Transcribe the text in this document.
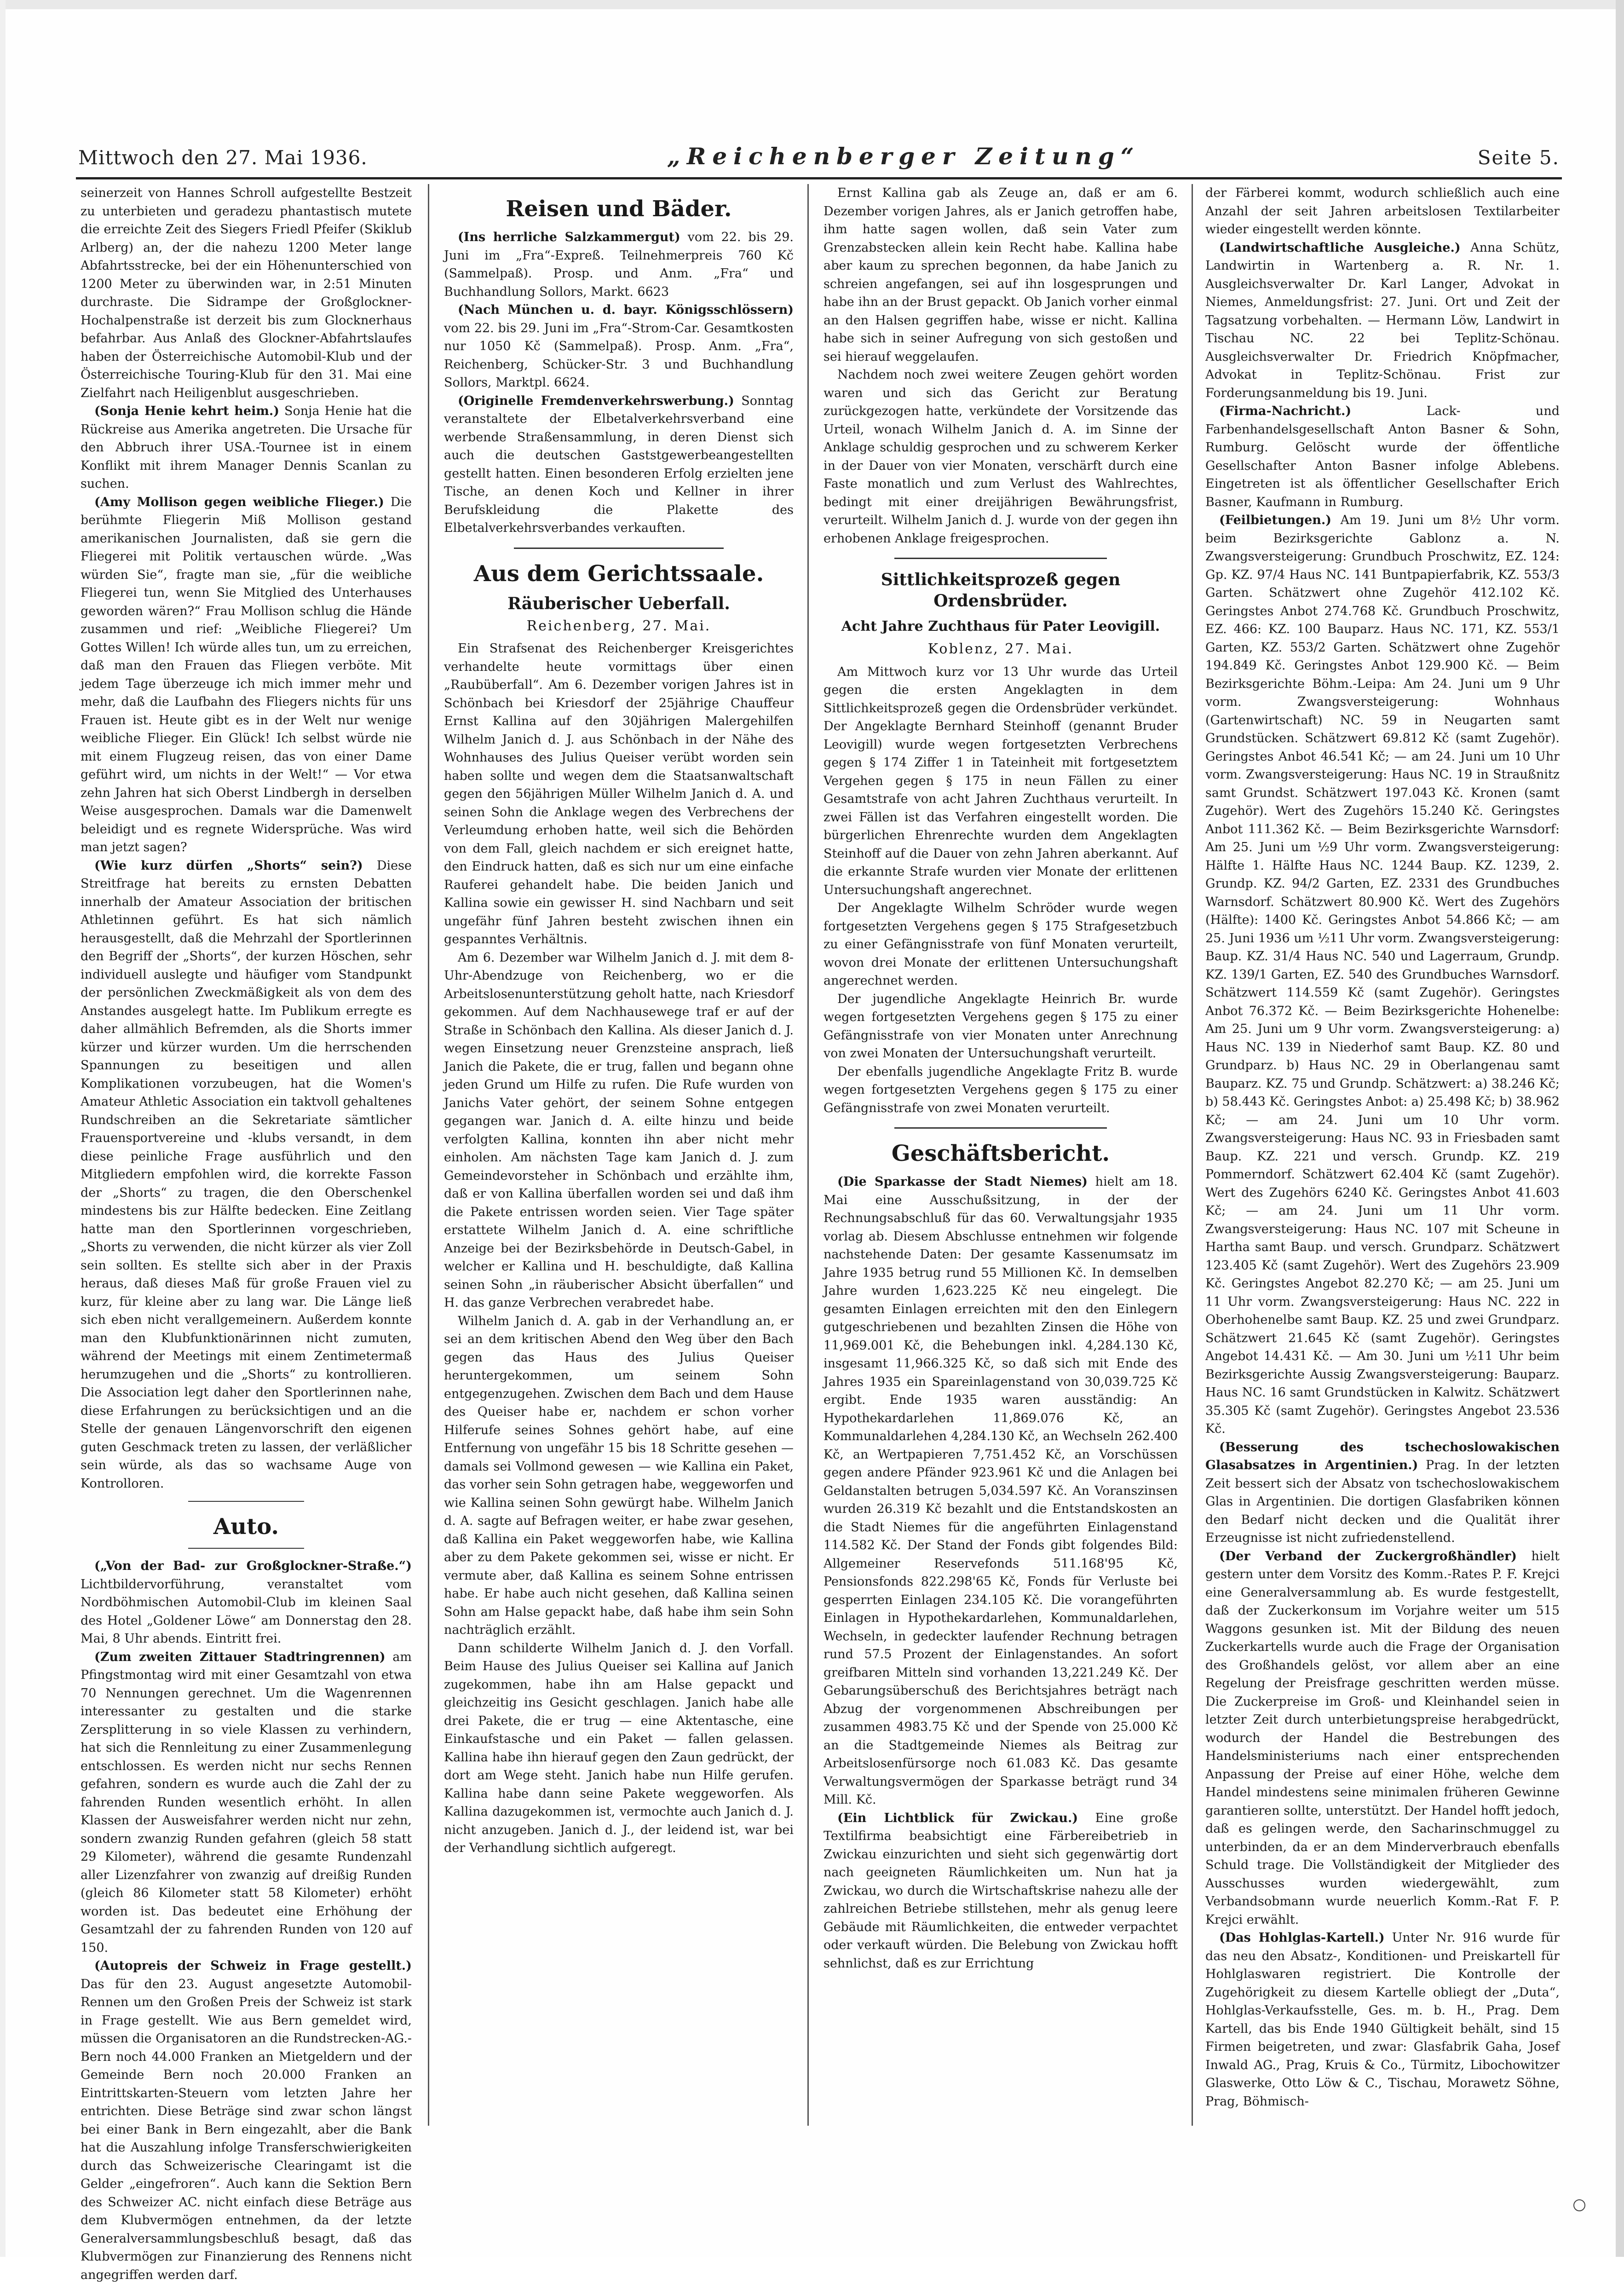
Mittwoch den 27. Mai 1936.	„Reichenberger Zeitung“	Seite 5.

seinerzeit von Hannes Schroll aufgestellte Bestzeit zu unterbieten und geradezu phantastisch mutete die erreichte Zeit des Siegers Friedl Pfeifer (Skiklub Arlberg) an, der die nahezu 1200 Meter lange Abfahrtsstrecke, bei der ein Höhenunterschied von 1200 Meter zu überwinden war, in 2:51 Minuten durchraste. Die Sidrampe der Großglockner-Hochalpenstraße ist derzeit bis zum Glocknerhaus befahrbar. Aus Anlaß des Glockner-Abfahrtslaufes haben der Österreichische Automobil-Klub und der Österreichische Touring-Klub für den 31. Mai eine Zielfahrt nach Heiligenblut ausgeschrieben.

(Sonja Henie kehrt heim.) Sonja Henie hat die Rückreise aus Amerika angetreten. Die Ursache für den Abbruch ihrer USA.-Tournee ist in einem Konflikt mit ihrem Manager Dennis Scanlan zu suchen.

(Amy Mollison gegen weibliche Flieger.) Die berühmte Fliegerin Miß Mollison gestand amerikanischen Journalisten, daß sie gern die Fliegerei mit Politik vertauschen würde. „Was würden Sie“, fragte man sie, „für die weibliche Fliegerei tun, wenn Sie Mitglied des Unterhauses geworden wären?“ Frau Mollison schlug die Hände zusammen und rief: „Weibliche Fliegerei? Um Gottes Willen! Ich würde alles tun, um zu erreichen, daß man den Frauen das Fliegen verböte. Mit jedem Tage überzeuge ich mich immer mehr und mehr, daß die Laufbahn des Fliegers nichts für uns Frauen ist. Heute gibt es in der Welt nur wenige weibliche Flieger. Ein Glück! Ich selbst würde nie mit einem Flugzeug reisen, das von einer Dame geführt wird, um nichts in der Welt!“ — Vor etwa zehn Jahren hat sich Oberst Lindbergh in derselben Weise ausgesprochen. Damals war die Damenwelt beleidigt und es regnete Widersprüche. Was wird man jetzt sagen?

(Wie kurz dürfen „Shorts“ sein?) Diese Streitfrage hat bereits zu ernsten Debatten innerhalb der Amateur Association der britischen Athletinnen geführt. Es hat sich nämlich herausgestellt, daß die Mehrzahl der Sportlerinnen den Begriff der „Shorts“, der kurzen Höschen, sehr individuell auslegte und häufiger vom Standpunkt der persönlichen Zweckmäßigkeit als von dem des Anstandes ausgelegt hatte. Im Publikum erregte es daher allmählich Befremden, als die Shorts immer kürzer und kürzer wurden. Um die herrschenden Spannungen zu beseitigen und allen Komplikationen vorzubeugen, hat die Women's Amateur Athletic Association ein taktvoll gehaltenes Rundschreiben an die Sekretariate sämtlicher Frauensportvereine und -klubs versandt, in dem diese peinliche Frage ausführlich und den Mitgliedern empfohlen wird, die korrekte Fasson der „Shorts“ zu tragen, die den Oberschenkel mindestens bis zur Hälfte bedecken. Eine Zeitlang hatte man den Sportlerinnen vorgeschrieben, „Shorts zu verwenden, die nicht kürzer als vier Zoll sein sollten. Es stellte sich aber in der Praxis heraus, daß dieses Maß für große Frauen viel zu kurz, für kleine aber zu lang war. Die Länge ließ sich eben nicht verallgemeinern. Außerdem konnte man den Klubfunktionärinnen nicht zumuten, während der Meetings mit einem Zentimetermaß herumzugehen und die „Shorts“ zu kontrollieren. Die Association legt daher den Sportlerinnen nahe, diese Erfahrungen zu berücksichtigen und an die Stelle der genauen Längenvorschrift den eigenen guten Geschmack treten zu lassen, der verläßlicher sein würde, als das so wachsame Auge von Kontrolloren.

Auto.

(„Von der Bad- zur Großglockner-Straße.“) Lichtbildervorführung, veranstaltet vom Nordböhmischen Automobil-Club im kleinen Saal des Hotel „Goldener Löwe“ am Donnerstag den 28. Mai, 8 Uhr abends. Eintritt frei.

(Zum zweiten Zittauer Stadtringrennen) am Pfingstmontag wird mit einer Gesamtzahl von etwa 70 Nennungen gerechnet. Um die Wagenrennen interessanter zu gestalten und die starke Zersplitterung in so viele Klassen zu verhindern, hat sich die Rennleitung zu einer Zusammenlegung entschlossen. Es werden nicht nur sechs Rennen gefahren, sondern es wurde auch die Zahl der zu fahrenden Runden wesentlich erhöht. In allen Klassen der Ausweisfahrer werden nicht nur zehn, sondern zwanzig Runden gefahren (gleich 58 statt 29 Kilometer), während die gesamte Rundenzahl aller Lizenzfahrer von zwanzig auf dreißig Runden (gleich 86 Kilometer statt 58 Kilometer) erhöht worden ist. Das bedeutet eine Erhöhung der Gesamtzahl der zu fahrenden Runden von 120 auf 150.

(Autopreis der Schweiz in Frage gestellt.) Das für den 23. August angesetzte Automobil-Rennen um den Großen Preis der Schweiz ist stark in Frage gestellt. Wie aus Bern gemeldet wird, müssen die Organisatoren an die Rundstrecken-AG.-Bern noch 44.000 Franken an Mietgeldern und der Gemeinde Bern noch 20.000 Franken an Eintrittskarten-Steuern vom letzten Jahre her entrichten. Diese Beträge sind zwar schon längst bei einer Bank in Bern eingezahlt, aber die Bank hat die Auszahlung infolge Transferschwierigkeiten durch das Schweizerische Clearingamt ist die Gelder „eingefroren“. Auch kann die Sektion Bern des Schweizer AC. nicht einfach diese Beträge aus dem Klubvermögen entnehmen, da der letzte Generalversammlungsbeschluß besagt, daß das Klubvermögen zur Finanzierung des Rennens nicht angegriffen werden darf.

Reisen und Bäder.

(Ins herrliche Salzkammergut) vom 22. bis 29. Juni im „Fra“-Expreß. Teilnehmerpreis 760 Kč (Sammelpaß). Prosp. und Anm. „Fra“ und Buchhandlung Sollors, Markt. 6623

(Nach München u. d. bayr. Königsschlössern) vom 22. bis 29. Juni im „Fra“-Strom-Car. Gesamtkosten nur 1050 Kč (Sammelpaß). Prosp. Anm. „Fra“, Reichenberg, Schücker-Str. 3 und Buchhandlung Sollors, Marktpl. 6624.

(Originelle Fremdenverkehrswerbung.) Sonntag veranstaltete der Elbetalverkehrsverband eine werbende Straßensammlung, in deren Dienst sich auch die deutschen Gaststgewerbeangestellten gestellt hatten. Einen besonderen Erfolg erzielten jene Tische, an denen Koch und Kellner in ihrer Berufskleidung die Plakette des Elbetalverkehrsverbandes verkauften.

Aus dem Gerichtssaale.
Räuberischer Ueberfall.
Reichenberg, 27. Mai.

Ein Strafsenat des Reichenberger Kreisgerichtes verhandelte heute vormittags über einen „Raubüberfall“. Am 6. Dezember vorigen Jahres ist in Schönbach bei Kriesdorf der 25jährige Chauffeur Ernst Kallina auf den 30jährigen Malergehilfen Wilhelm Janich d. J. aus Schönbach in der Nähe des Wohnhauses des Julius Queiser verübt worden sein haben sollte und wegen dem die Staatsanwaltschaft gegen den 56jährigen Müller Wilhelm Janich d. A. und seinen Sohn die Anklage wegen des Verbrechens der Verleumdung erhoben hatte, weil sich die Behörden von dem Fall, gleich nachdem er sich ereignet hatte, den Eindruck hatten, daß es sich nur um eine einfache Rauferei gehandelt habe. Die beiden Janich und Kallina sowie ein gewisser H. sind Nachbarn und seit ungefähr fünf Jahren besteht zwischen ihnen ein gespanntes Verhältnis.

Am 6. Dezember war Wilhelm Janich d. J. mit dem 8-Uhr-Abendzuge von Reichenberg, wo er die Arbeitslosenunterstützung geholt hatte, nach Kriesdorf gekommen. Auf dem Nachhausewege traf er auf der Straße in Schönbach den Kallina. Als dieser Janich d. J. wegen Einsetzung neuer Grenzsteine ansprach, ließ Janich die Pakete, die er trug, fallen und begann ohne jeden Grund um Hilfe zu rufen. Die Rufe wurden von Janichs Vater gehört, der seinem Sohne entgegen gegangen war. Janich d. A. eilte hinzu und beide verfolgten Kallina, konnten ihn aber nicht mehr einholen. Am nächsten Tage kam Janich d. J. zum Gemeindevorsteher in Schönbach und erzählte ihm, daß er von Kallina überfallen worden sei und daß ihm die Pakete entrissen worden seien. Vier Tage später erstattete Wilhelm Janich d. A. eine schriftliche Anzeige bei der Bezirksbehörde in Deutsch-Gabel, in welcher er Kallina und H. beschuldigte, daß Kallina seinen Sohn „in räuberischer Absicht überfallen“ und H. das ganze Verbrechen verabredet habe.

Wilhelm Janich d. A. gab in der Verhandlung an, er sei an dem kritischen Abend den Weg über den Bach gegen das Haus des Julius Queiser heruntergekommen, um seinem Sohn entgegenzugehen. Zwischen dem Bach und dem Hause des Queiser habe er, nachdem er schon vorher Hilferufe seines Sohnes gehört habe, auf eine Entfernung von ungefähr 15 bis 18 Schritte gesehen — damals sei Vollmond gewesen — wie Kallina ein Paket, das vorher sein Sohn getragen habe, weggeworfen und wie Kallina seinen Sohn gewürgt habe. Wilhelm Janich d. A. sagte auf Befragen weiter, er habe zwar gesehen, daß Kallina ein Paket weggeworfen habe, wie Kallina aber zu dem Pakete gekommen sei, wisse er nicht. Er vermute aber, daß Kallina es seinem Sohne entrissen habe. Er habe auch nicht gesehen, daß Kallina seinen Sohn am Halse gepackt habe, daß habe ihm sein Sohn nachträglich erzählt.

Dann schilderte Wilhelm Janich d. J. den Vorfall. Beim Hause des Julius Queiser sei Kallina auf Janich zugekommen, habe ihn am Halse gepackt und gleichzeitig ins Gesicht geschlagen. Janich habe alle drei Pakete, die er trug — eine Aktentasche, eine Einkaufstasche und ein Paket — fallen gelassen. Kallina habe ihn hierauf gegen den Zaun gedrückt, der dort am Wege steht. Janich habe nun Hilfe gerufen. Kallina habe dann seine Pakete weggeworfen. Als Kallina dazugekommen ist, vermochte auch Janich d. J. nicht anzugeben. Janich d. J., der leidend ist, war bei der Verhandlung sichtlich aufgeregt.

Ernst Kallina gab als Zeuge an, daß er am 6. Dezember vorigen Jahres, als er Janich getroffen habe, ihm hatte sagen wollen, daß sein Vater zum Grenzabstecken allein kein Recht habe. Kallina habe aber kaum zu sprechen begonnen, da habe Janich zu schreien angefangen, sei auf ihn losgesprungen und habe ihn an der Brust gepackt. Ob Janich vorher einmal an den Halsen gegriffen habe, wisse er nicht. Kallina habe sich in seiner Aufregung von sich gestoßen und sei hierauf weggelaufen.

Nachdem noch zwei weitere Zeugen gehört worden waren und sich das Gericht zur Beratung zurückgezogen hatte, verkündete der Vorsitzende das Urteil, wonach Wilhelm Janich d. A. im Sinne der Anklage schuldig gesprochen und zu schwerem Kerker in der Dauer von vier Monaten, verschärft durch eine Faste monatlich und zum Verlust des Wahlrechtes, bedingt mit einer dreijährigen Bewährungsfrist, verurteilt. Wilhelm Janich d. J. wurde von der gegen ihn erhobenen Anklage freigesprochen.

Sittlichkeitsprozeß gegen Ordensbrüder.
Acht Jahre Zuchthaus für Pater Leovigill.
Koblenz, 27. Mai.

Am Mittwoch kurz vor 13 Uhr wurde das Urteil gegen die ersten Angeklagten in dem Sittlichkeitsprozeß gegen die Ordensbrüder verkündet. Der Angeklagte Bernhard Steinhoff (genannt Bruder Leovigill) wurde wegen fortgesetzten Verbrechens gegen § 174 Ziffer 1 in Tateinheit mit fortgesetztem Vergehen gegen § 175 in neun Fällen zu einer Gesamtstrafe von acht Jahren Zuchthaus verurteilt. In zwei Fällen ist das Verfahren eingestellt worden. Die bürgerlichen Ehrenrechte wurden dem Angeklagten Steinhoff auf die Dauer von zehn Jahren aberkannt. Auf die erkannte Strafe wurden vier Monate der erlittenen Untersuchungshaft angerechnet.

Der Angeklagte Wilhelm Schröder wurde wegen fortgesetzten Vergehens gegen § 175 Strafgesetzbuch zu einer Gefängnisstrafe von fünf Monaten verurteilt, wovon drei Monate der erlittenen Untersuchungshaft angerechnet werden.

Der jugendliche Angeklagte Heinrich Br. wurde wegen fortgesetzten Vergehens gegen § 175 zu einer Gefängnisstrafe von vier Monaten unter Anrechnung von zwei Monaten der Untersuchungshaft verurteilt.

Der ebenfalls jugendliche Angeklagte Fritz B. wurde wegen fortgesetzten Vergehens gegen § 175 zu einer Gefängnisstrafe von zwei Monaten verurteilt.

Geschäftsbericht.

(Die Sparkasse der Stadt Niemes) hielt am 18. Mai eine Ausschußsitzung, in der der Rechnungsabschluß für das 60. Verwaltungsjahr 1935 vorlag ab. Diesem Abschlusse entnehmen wir folgende nachstehende Daten: Der gesamte Kassenumsatz im Jahre 1935 betrug rund 55 Millionen Kč. In demselben Jahre wurden 1,623.225 Kč neu eingelegt. Die gesamten Einlagen erreichten mit den den Einlegern gutgeschriebenen und bezahlten Zinsen die Höhe von 11,969.001 Kč, die Behebungen inkl. 4,284.130 Kč, insgesamt 11,966.325 Kč, so daß sich mit Ende des Jahres 1935 ein Spareinlagenstand von 30,039.725 Kč ergibt. Ende 1935 waren ausständig: An Hypothekardarlehen 11,869.076 Kč, an Kommunaldarlehen 4,284.130 Kč, an Wechseln 262.400 Kč, an Wertpapieren 7,751.452 Kč, an Vorschüssen gegen andere Pfänder 923.961 Kč und die Anlagen bei Geldanstalten betrugen 5,034.597 Kč. An Voranszinsen wurden 26.319 Kč bezahlt und die Entstandskosten an die Stadt Niemes für die angeführten Einlagenstand 114.582 Kč. Der Stand der Fonds gibt folgendes Bild: Allgemeiner Reservefonds 511.168'95 Kč, Pensionsfonds 822.298'65 Kč, Fonds für Verluste bei gesperrten Einlagen 234.105 Kč. Die vorangeführten Einlagen in Hypothekardarlehen, Kommunaldarlehen, Wechseln, in gedeckter laufender Rechnung betragen rund 57.5 Prozent der Einlagenstandes. An sofort greifbaren Mitteln sind vorhanden 13,221.249 Kč. Der Gebarungsüberschuß des Berichtsjahres beträgt nach Abzug der vorgenommenen Abschreibungen per zusammen 4983.75 Kč und der Spende von 25.000 Kč an die Stadtgemeinde Niemes als Beitrag zur Arbeitslosenfürsorge noch 61.083 Kč. Das gesamte Verwaltungsvermögen der Sparkasse beträgt rund 34 Mill. Kč.

(Ein Lichtblick für Zwickau.) Eine große Textilfirma beabsichtigt eine Färbereibetrieb in Zwickau einzurichten und sieht sich gegenwärtig dort nach geeigneten Räumlichkeiten um. Nun hat ja Zwickau, wo durch die Wirtschaftskrise nahezu alle der zahlreichen Betriebe stillstehen, mehr als genug leere Gebäude mit Räumlichkeiten, die entweder verpachtet oder verkauft würden. Die Belebung von Zwickau hofft sehnlichst, daß es zur Errichtung

der Färberei kommt, wodurch schließlich auch eine Anzahl der seit Jahren arbeitslosen Textilarbeiter wieder eingestellt werden könnte.

(Landwirtschaftliche Ausgleiche.) Anna Schütz, Landwirtin in Wartenberg a. R. Nr. 1. Ausgleichsverwalter Dr. Karl Langer, Advokat in Niemes, Anmeldungsfrist: 27. Juni. Ort und Zeit der Tagsatzung vorbehalten. — Hermann Löw, Landwirt in Tischau NC. 22 bei Teplitz-Schönau. Ausgleichsverwalter Dr. Friedrich Knöpfmacher, Advokat in Teplitz-Schönau. Frist zur Forderungsanmeldung bis 19. Juni.

(Firma-Nachricht.) Lack- und Farbenhandelsgesellschaft Anton Basner & Sohn, Rumburg. Gelöscht wurde der öffentliche Gesellschafter Anton Basner infolge Ablebens. Eingetreten ist als öffentlicher Gesellschafter Erich Basner, Kaufmann in Rumburg.

(Feilbietungen.) Am 19. Juni um 8½ Uhr vorm. beim Bezirksgerichte Gablonz a. N. Zwangsversteigerung: Grundbuch Proschwitz, EZ. 124: Gp. KZ. 97/4 Haus NC. 141 Buntpapierfabrik, KZ. 553/3 Garten. Schätzwert ohne Zugehör 412.102 Kč. Geringstes Anbot 274.768 Kč. Grundbuch Proschwitz, EZ. 466: KZ. 100 Bauparz. Haus NC. 171, KZ. 553/1 Garten, KZ. 553/2 Garten. Schätzwert ohne Zugehör 194.849 Kč. Geringstes Anbot 129.900 Kč. — Beim Bezirksgerichte Böhm.-Leipa: Am 24. Juni um 9 Uhr vorm. Zwangsversteigerung: Wohnhaus (Gartenwirtschaft) NC. 59 in Neugarten samt Grundstücken. Schätzwert 69.812 Kč (samt Zugehör). Geringstes Anbot 46.541 Kč; — am 24. Juni um 10 Uhr vorm. Zwangsversteigerung: Haus NC. 19 in Straußnitz samt Grundst. Schätzwert 197.043 Kč. Kronen (samt Zugehör). Wert des Zugehörs 15.240 Kč. Geringstes Anbot 111.362 Kč. — Beim Bezirksgerichte Warnsdorf: Am 25. Juni um ½9 Uhr vorm. Zwangsversteigerung: Hälfte 1. Hälfte Haus NC. 1244 Baup. KZ. 1239, 2. Grundp. KZ. 94/2 Garten, EZ. 2331 des Grundbuches Warnsdorf. Schätzwert 80.900 Kč. Wert des Zugehörs (Hälfte): 1400 Kč. Geringstes Anbot 54.866 Kč; — am 25. Juni 1936 um ½11 Uhr vorm. Zwangsversteigerung: Baup. KZ. 31/4 Haus NC. 540 und Lagerraum, Grundp. KZ. 139/1 Garten, EZ. 540 des Grundbuches Warnsdorf. Schätzwert 114.559 Kč (samt Zugehör). Geringstes Anbot 76.372 Kč. — Beim Bezirksgerichte Hohenelbe: Am 25. Juni um 9 Uhr vorm. Zwangsversteigerung: a) Haus NC. 139 in Niederhof samt Baup. KZ. 80 und Grundparz. b) Haus NC. 29 in Oberlangenau samt Bauparz. KZ. 75 und Grundp. Schätzwert: a) 38.246 Kč; b) 58.443 Kč. Geringstes Anbot: a) 25.498 Kč; b) 38.962 Kč; — am 24. Juni um 10 Uhr vorm. Zwangsversteigerung: Haus NC. 93 in Friesbaden samt Baup. KZ. 221 und versch. Grundp. KZ. 219 Pommerndorf. Schätzwert 62.404 Kč (samt Zugehör). Wert des Zugehörs 6240 Kč. Geringstes Anbot 41.603 Kč; — am 24. Juni um 11 Uhr vorm. Zwangsversteigerung: Haus NC. 107 mit Scheune in Hartha samt Baup. und versch. Grundparz. Schätzwert 123.405 Kč (samt Zugehör). Wert des Zugehörs 23.909 Kč. Geringstes Angebot 82.270 Kč; — am 25. Juni um 11 Uhr vorm. Zwangsversteigerung: Haus NC. 222 in Oberhohenelbe samt Baup. KZ. 25 und zwei Grundparz. Schätzwert 21.645 Kč (samt Zugehör). Geringstes Angebot 14.431 Kč. — Am 30. Juni um ½11 Uhr beim Bezirksgerichte Aussig Zwangsversteigerung: Bauparz. Haus NC. 16 samt Grundstücken in Kalwitz. Schätzwert 35.305 Kč (samt Zugehör). Geringstes Angebot 23.536 Kč.

(Besserung des tschechoslowakischen Glasabsatzes in Argentinien.) Prag. In der letzten Zeit bessert sich der Absatz von tschechoslowakischem Glas in Argentinien. Die dortigen Glasfabriken können den Bedarf nicht decken und die Qualität ihrer Erzeugnisse ist nicht zufriedenstellend.

(Der Verband der Zuckergroßhändler) hielt gestern unter dem Vorsitz des Komm.-Rates P. F. Krejci eine Generalversammlung ab. Es wurde festgestellt, daß der Zuckerkonsum im Vorjahre weiter um 515 Waggons gesunken ist. Mit der Bildung des neuen Zuckerkartells wurde auch die Frage der Organisation des Großhandels gelöst, vor allem aber an eine Regelung der Preisfrage geschritten werden müsse. Die Zuckerpreise im Groß- und Kleinhandel seien in letzter Zeit durch unterbietungspreise herabgedrückt, wodurch der Handel die Bestrebungen des Handelsministeriums nach einer entsprechenden Anpassung der Preise auf einer Höhe, welche dem Handel mindestens seine minimalen früheren Gewinne garantieren sollte, unterstützt. Der Handel hofft jedoch, daß es gelingen werde, den Sacharinschmuggel zu unterbinden, da er an dem Minderverbrauch ebenfalls Schuld trage. Die Vollständigkeit der Mitglieder des Ausschusses wurden wiedergewählt, zum Verbandsobmann wurde neuerlich Komm.-Rat F. P. Krejci erwählt.

(Das Hohlglas-Kartell.) Unter Nr. 916 wurde für das neu den Absatz-, Konditionen- und Preiskartell für Hohlglaswaren registriert. Die Kontrolle der Zugehörigkeit zu diesem Kartelle obliegt der „Duta“, Hohlglas-Verkaufsstelle, Ges. m. b. H., Prag. Dem Kartell, das bis Ende 1940 Gültigkeit behält, sind 15 Firmen beigetreten, und zwar: Glasfabrik Gaha, Josef Inwald AG., Prag, Kruis & Co., Türmitz, Libochowitzer Glaswerke, Otto Löw & C., Tischau, Morawetz Söhne, Prag, Böhmisch-
